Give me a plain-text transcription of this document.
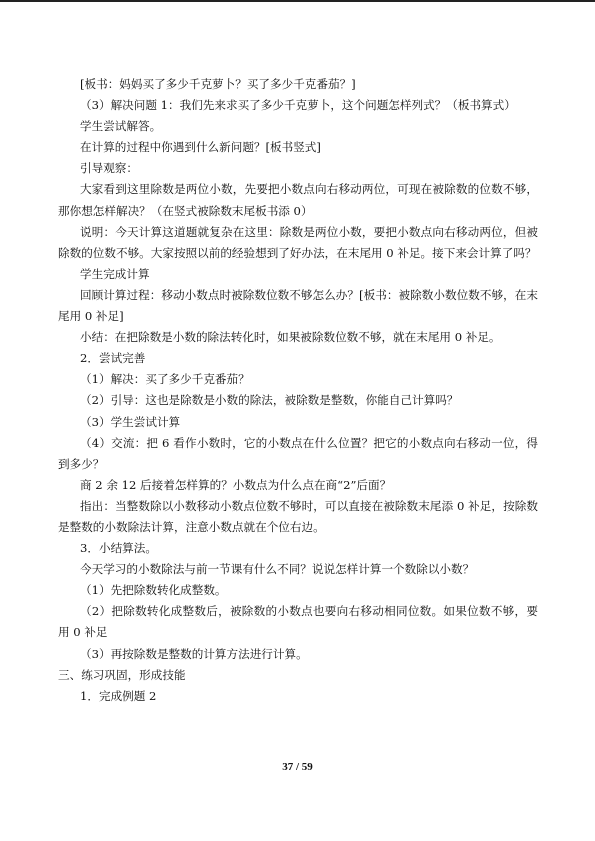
[板书：妈妈买了多少千克萝卜？买了多少千克番茄？]

（3）解决问题 1：我们先来求买了多少千克萝卜，这个问题怎样列式？（板书算式）

学生尝试解答。

在计算的过程中你遇到什么新问题？[板书竖式]

引导观察：

大家看到这里除数是两位小数，先要把小数点向右移动两位，可现在被除数的位数不够，那你想怎样解决？（在竖式被除数末尾板书添 0）

说明：今天计算这道题就复杂在这里：除数是两位小数，要把小数点向右移动两位，但被除数的位数不够。大家按照以前的经验想到了好办法，在末尾用 0 补足。接下来会计算了吗？

学生完成计算

回顾计算过程：移动小数点时被除数位数不够怎么办？[板书：被除数小数位数不够，在末尾用 0 补足]

小结：在把除数是小数的除法转化时，如果被除数位数不够，就在末尾用 0 补足。

2．尝试完善

（1）解决：买了多少千克番茄？

（2）引导：这也是除数是小数的除法，被除数是整数，你能自己计算吗？

（3）学生尝试计算

（4）交流：把 6 看作小数时，它的小数点在什么位置？把它的小数点向右移动一位，得到多少？

商 2 余 12 后接着怎样算的？小数点为什么点在商“2”后面？

指出：当整数除以小数移动小数点位数不够时，可以直接在被除数末尾添 0 补足，按除数是整数的小数除法计算，注意小数点就在个位右边。

3．小结算法。

今天学习的小数除法与前一节课有什么不同？说说怎样计算一个数除以小数？

（1）先把除数转化成整数。

（2）把除数转化成整数后，被除数的小数点也要向右移动相同位数。如果位数不够，要用 0 补足

（3）再按除数是整数的计算方法进行计算。

三、练习巩固，形成技能

1．完成例题 2

37 / 59
